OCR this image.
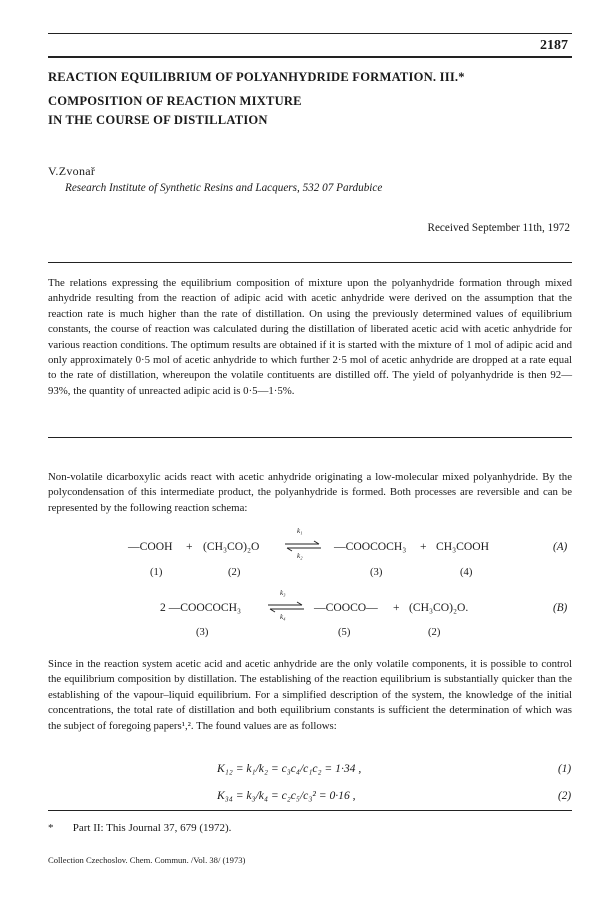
2187
REACTION EQUILIBRIUM OF POLYANHYDRIDE FORMATION. III.*
COMPOSITION OF REACTION MIXTURE
IN THE COURSE OF DISTILLATION
V.Zvonař
Research Institute of Synthetic Resins and Lacquers, 532 07 Pardubice
Received September 11th, 1972

The relations expressing the equilibrium composition of mixture upon the polyanhydride formation through mixed anhydride resulting from the reaction of adipic acid with acetic anhydride were derived on the assumption that the reaction rate is much higher than the rate of distillation. On using the previously determined values of equilibrium constants, the course of reaction was calculated during the distillation of liberated acetic acid with acetic anhydride for various reaction conditions. The optimum results are obtained if it is started with the mixture of 1 mol of adipic acid and only approximately 0·5 mol of acetic anhydride to which further 2·5 mol of acetic anhydride are dropped at a rate equal to the rate of distillation, whereupon the volatile contituents are distilled off. The yield of polyanhydride is then 92—93%, the quantity of unreacted adipic acid is 0·5—1·5%.

Non-volatile dicarboxylic acids react with acetic anhydride originating a low-molecular mixed polyanhydride. By the polycondensation of this intermediate product, the polyanhydride is formed. Both processes are reversible and can be represented by the following reaction schema:

—COOH + (CH₃CO)₂O
k₁
k₂
—COOCOCH₃ + CH₃COOH	(A)
(1)	(2)	(3)	(4)
2 —COOCOCH₃
k₃
k₄
—COOCO— + (CH₃CO)₂O.	(B)
(3)	(5)	(2)

Since in the reaction system acetic acid and acetic anhydride are the only volatile components, it is possible to control the equilibrium composition by distillation. The establishing of the reaction equilibrium is substantially quicker than the establishing of the vapour–liquid equilibrium. For a simplified description of the system, the knowledge of the initial concentrations, the total rate of distillation and both equilibrium constants is sufficient the determination of which was the subject of foregoing papers¹,². The found values are as follows:

K₁₂ = k₁/k₂ = c₃c₄/c₁c₂ = 1·34 ,	(1)
K₃₄ = k₃/k₄ = c₂c₅/c₃² = 0·16 ,	(2)
*       Part II: This Journal 37, 679 (1972).
Collection Czechoslov. Chem. Commun. /Vol. 38/ (1973)
